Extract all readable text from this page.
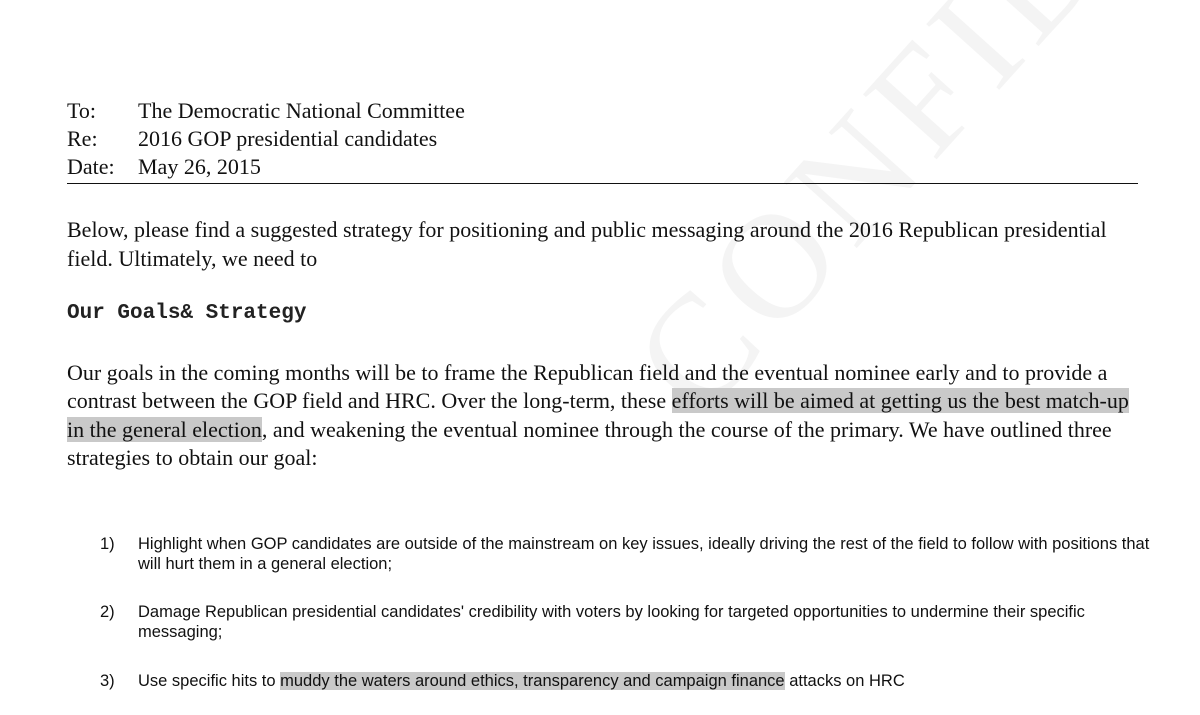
To:	The Democratic National Committee
Re:	2016 GOP presidential candidates
Date:	May 26, 2015

Below, please find a suggested strategy for positioning and public messaging around the 2016 Republican presidential field. Ultimately, we need to

Our Goals& Strategy

Our goals in the coming months will be to frame the Republican field and the eventual nominee early and to provide a contrast between the GOP field and HRC. Over the long-term, these efforts will be aimed at getting us the best match-up in the general election, and weakening the eventual nominee through the course of the primary. We have outlined three strategies to obtain our goal:

1)	Highlight when GOP candidates are outside of the mainstream on key issues, ideally driving the rest of the field to follow with positions that will hurt them in a general election;
2)	Damage Republican presidential candidates' credibility with voters by looking for targeted opportunities to undermine their specific messaging;
3)	Use specific hits to muddy the waters around ethics, transparency and campaign finance attacks on HRC
